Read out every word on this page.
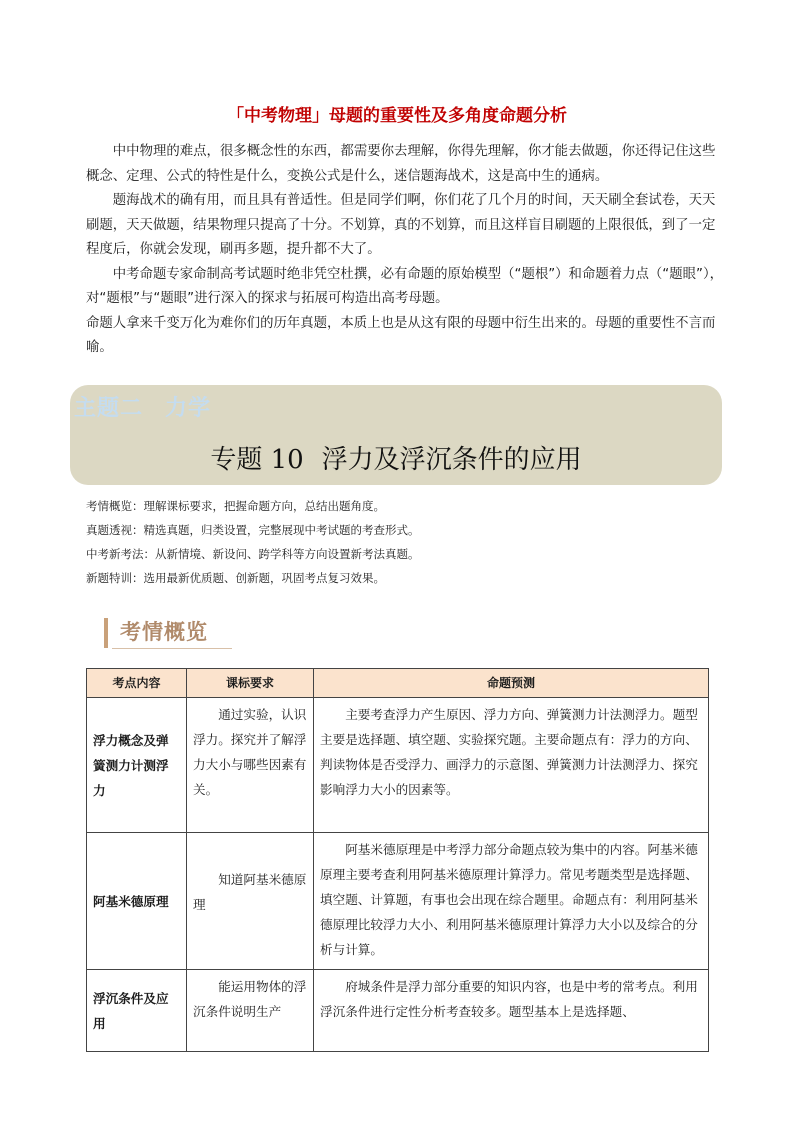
「中考物理」母题的重要性及多角度命题分析

中中物理的难点，很多概念性的东西，都需要你去理解，你得先理解，你才能去做题，你还得记住这些概念、定理、公式的特性是什么，变换公式是什么，迷信题海战术，这是高中生的通病。

题海战术的确有用，而且具有普适性。但是同学们啊，你们花了几个月的时间，天天刷全套试卷，天天刷题，天天做题，结果物理只提高了十分。不划算，真的不划算，而且这样盲目刷题的上限很低，到了一定程度后，你就会发现，刷再多题，提升都不大了。

中考命题专家命制高考试题时绝非凭空杜撰，必有命题的原始模型（“题根”）和命题着力点（“题眼”），对“题根”与“题眼”进行深入的探求与拓展可构造出高考母题。

命题人拿来千变万化为难你们的历年真题，本质上也是从这有限的母题中衍生出来的。母题的重要性不言而喻。

主题二 力学
专题 10 浮力及浮沉条件的应用
考情概览：理解课标要求，把握命题方向，总结出题角度。
真题透视：精选真题，归类设置，完整展现中考试题的考查形式。
中考新考法：从新情境、新设问、跨学科等方向设置新考法真题。
新题特训：选用最新优质题、创新题，巩固考点复习效果。
考情概览
考点内容	课标要求	命题预测
浮力概念及弹簧测力计测浮力	通过实验，认识浮力。探究并了解浮力大小与哪些因素有关。	主要考查浮力产生原因、浮力方向、弹簧测力计法测浮力。题型主要是选择题、填空题、实验探究题。主要命题点有：浮力的方向、判读物体是否受浮力、画浮力的示意图、弹簧测力计法测浮力、探究影响浮力大小的因素等。
阿基米德原理	知道阿基米德原理	阿基米德原理是中考浮力部分命题点较为集中的内容。阿基米德原理主要考查利用阿基米德原理计算浮力。常见考题类型是选择题、填空题、计算题，有事也会出现在综合题里。命题点有：利用阿基米德原理比较浮力大小、利用阿基米德原理计算浮力大小以及综合的分析与计算。
浮沉条件及应用	能运用物体的浮沉条件说明生产	府城条件是浮力部分重要的知识内容，也是中考的常考点。利用浮沉条件进行定性分析考查较多。题型基本上是选择题、
